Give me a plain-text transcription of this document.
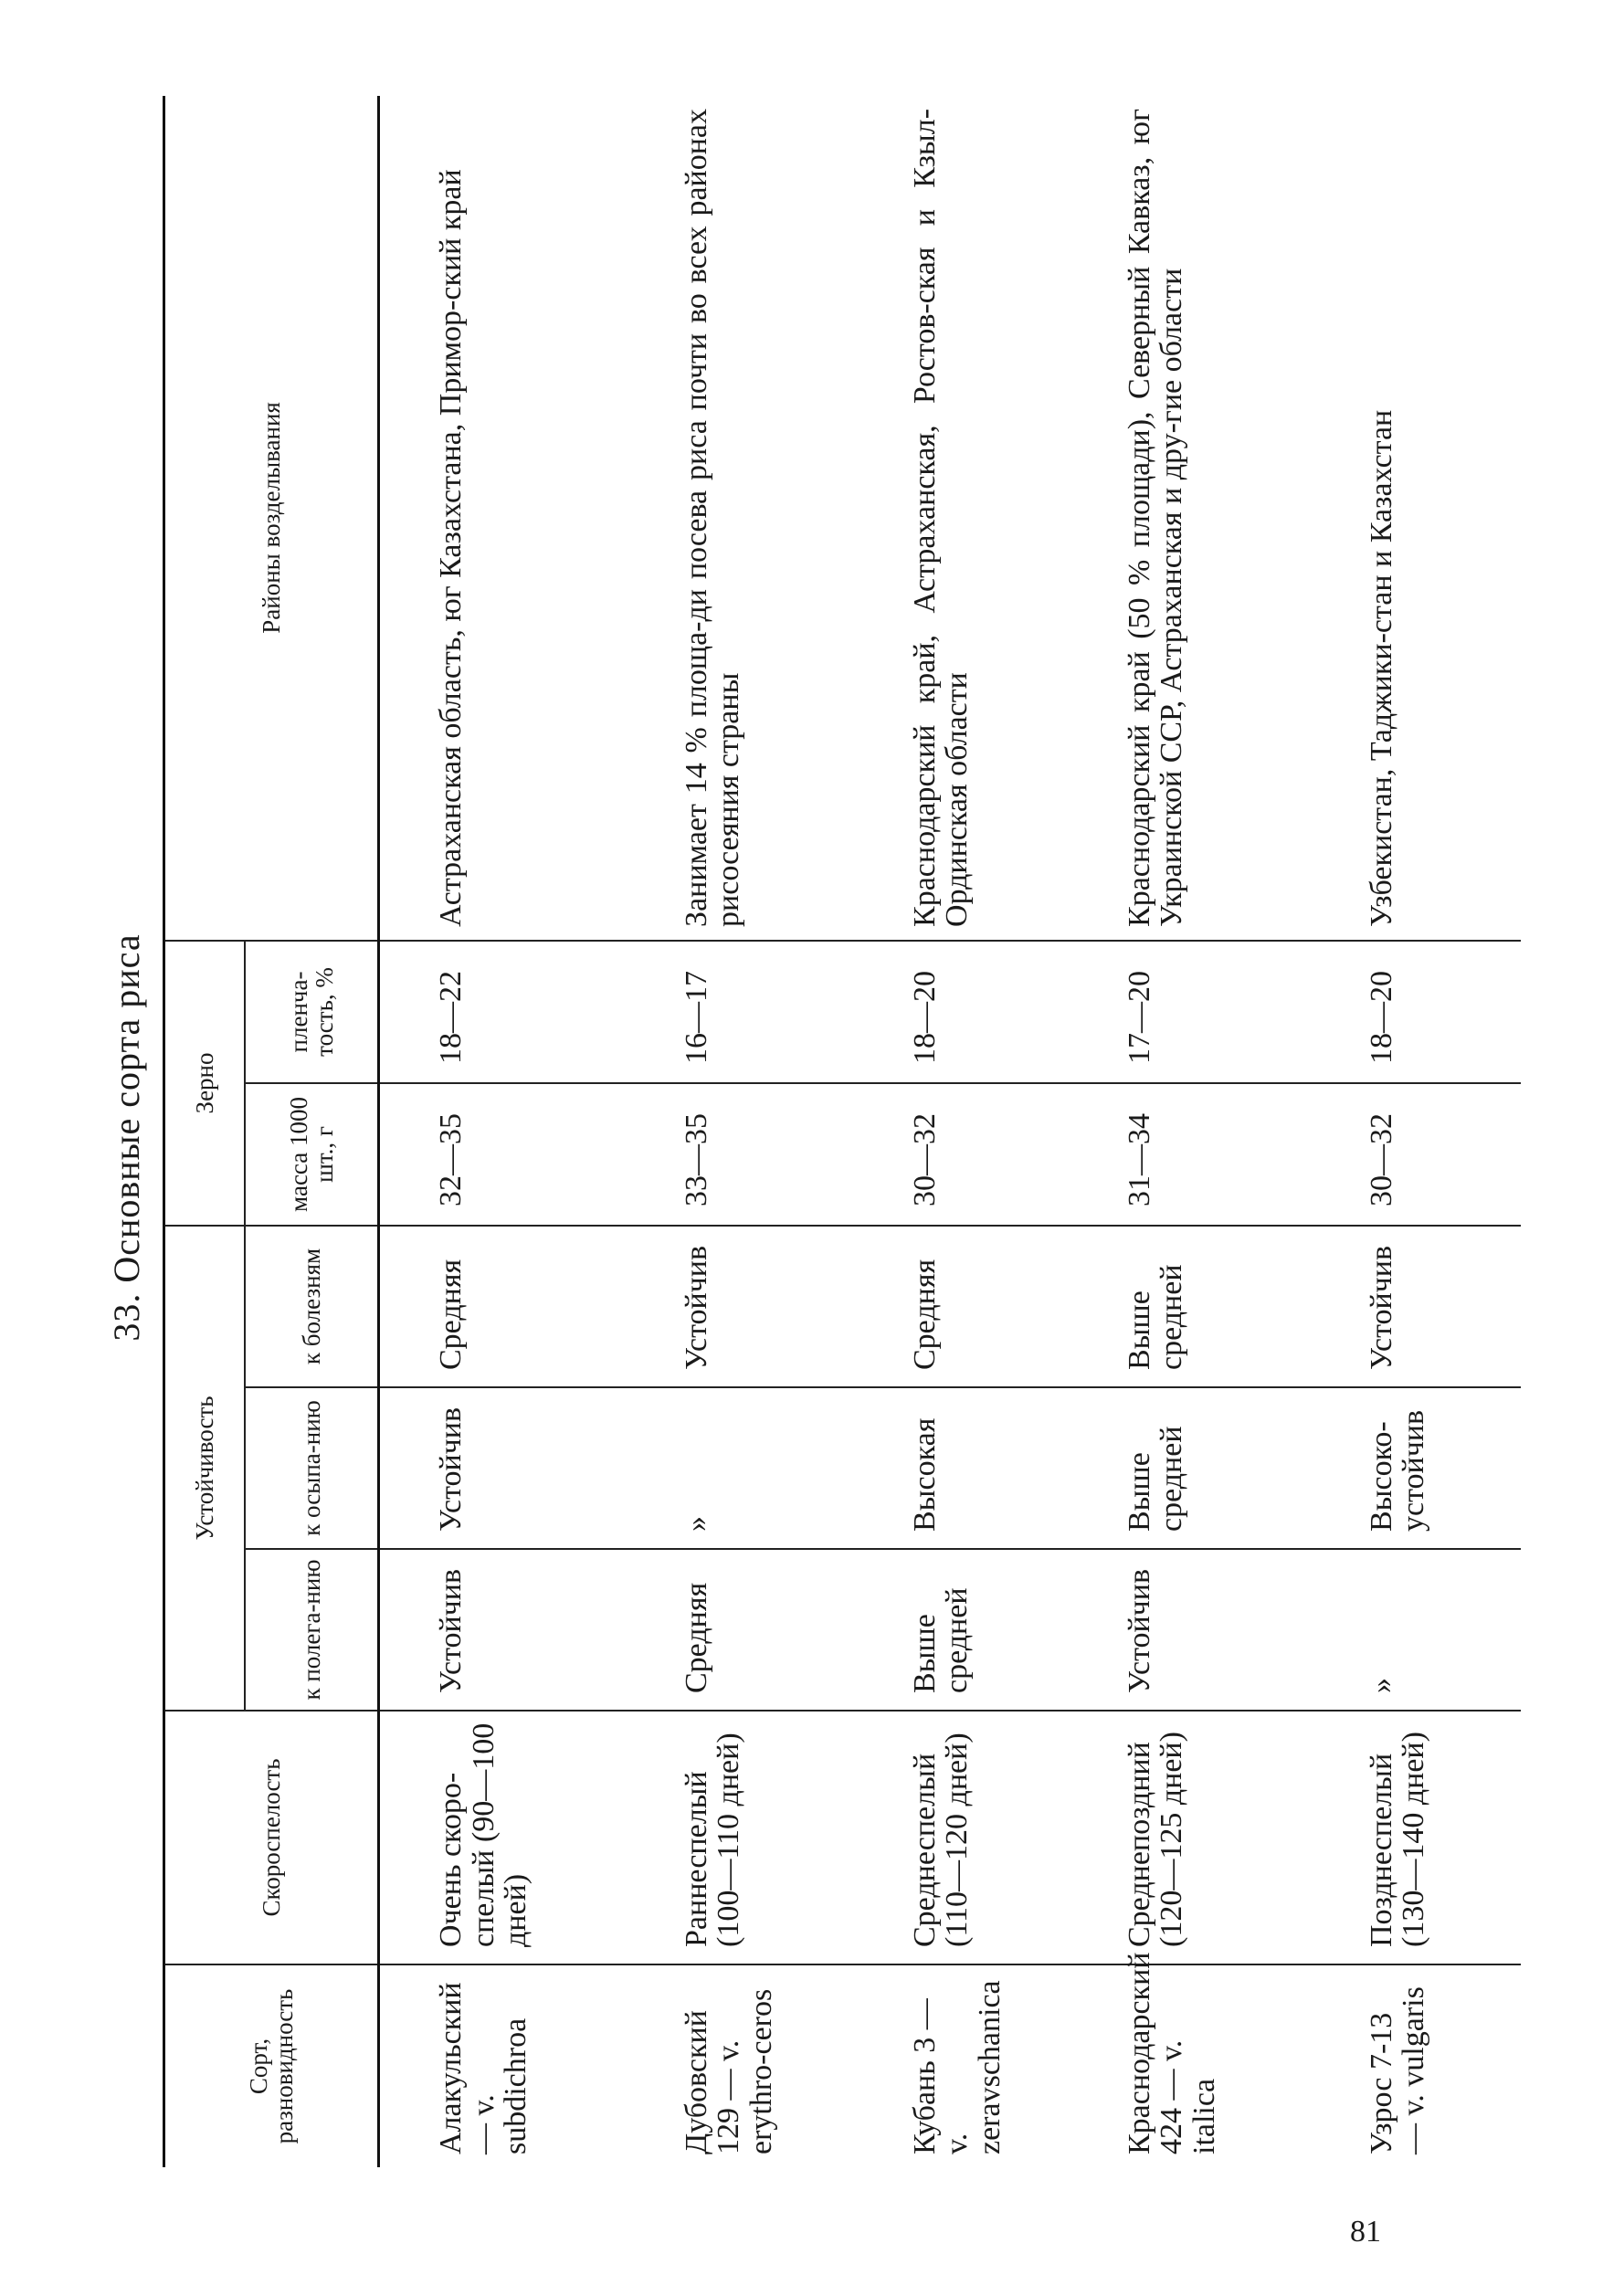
33. Основные сорта риса
Сорт, разновидность	Скороспелость	Устойчивость			Зерно		Районы возделывания
		к полега-нию	к осыпа-нию	к болезням	масса 1000 шт., г	пленча-тость, %	
Алакульский — v. subdichroa	Очень скоро-спелый (90—100 дней)	Устойчив	Устойчив	Средняя	32—35	18—22	Астраханская область, юг Казахстана, Примор-ский край
Дубовский 129 — v. erythro-ceros	Раннеспелый (100—110 дней)	Средняя	»	Устойчив	33—35	16—17	Занимает 14 % площа-ди посева риса почти во всех районах рисосеяния страны
Кубань 3 — v. zeravschanica	Среднеспелый (110—120 дней)	Выше средней	Высокая	Средняя	30—32	18—20	Краснодарский край, Астраханская, Ростов-ская и Кзыл-Ординская области
Краснодарский 424 — v. italica	Среднепоздний (120—125 дней)	Устойчив	Выше средней	Выше средней	31—34	17—20	Краснодарский край (50 % площади), Северный Кавказ, юг Украинской ССР, Астраханская и дру-гие области
Узрос 7-13 — v. vulgaris	Позднеспелый (130—140 дней)	»	Высоко-устойчив	Устойчив	30—32	18—20	Узбекистан, Таджики-стан и Казахстан
81
